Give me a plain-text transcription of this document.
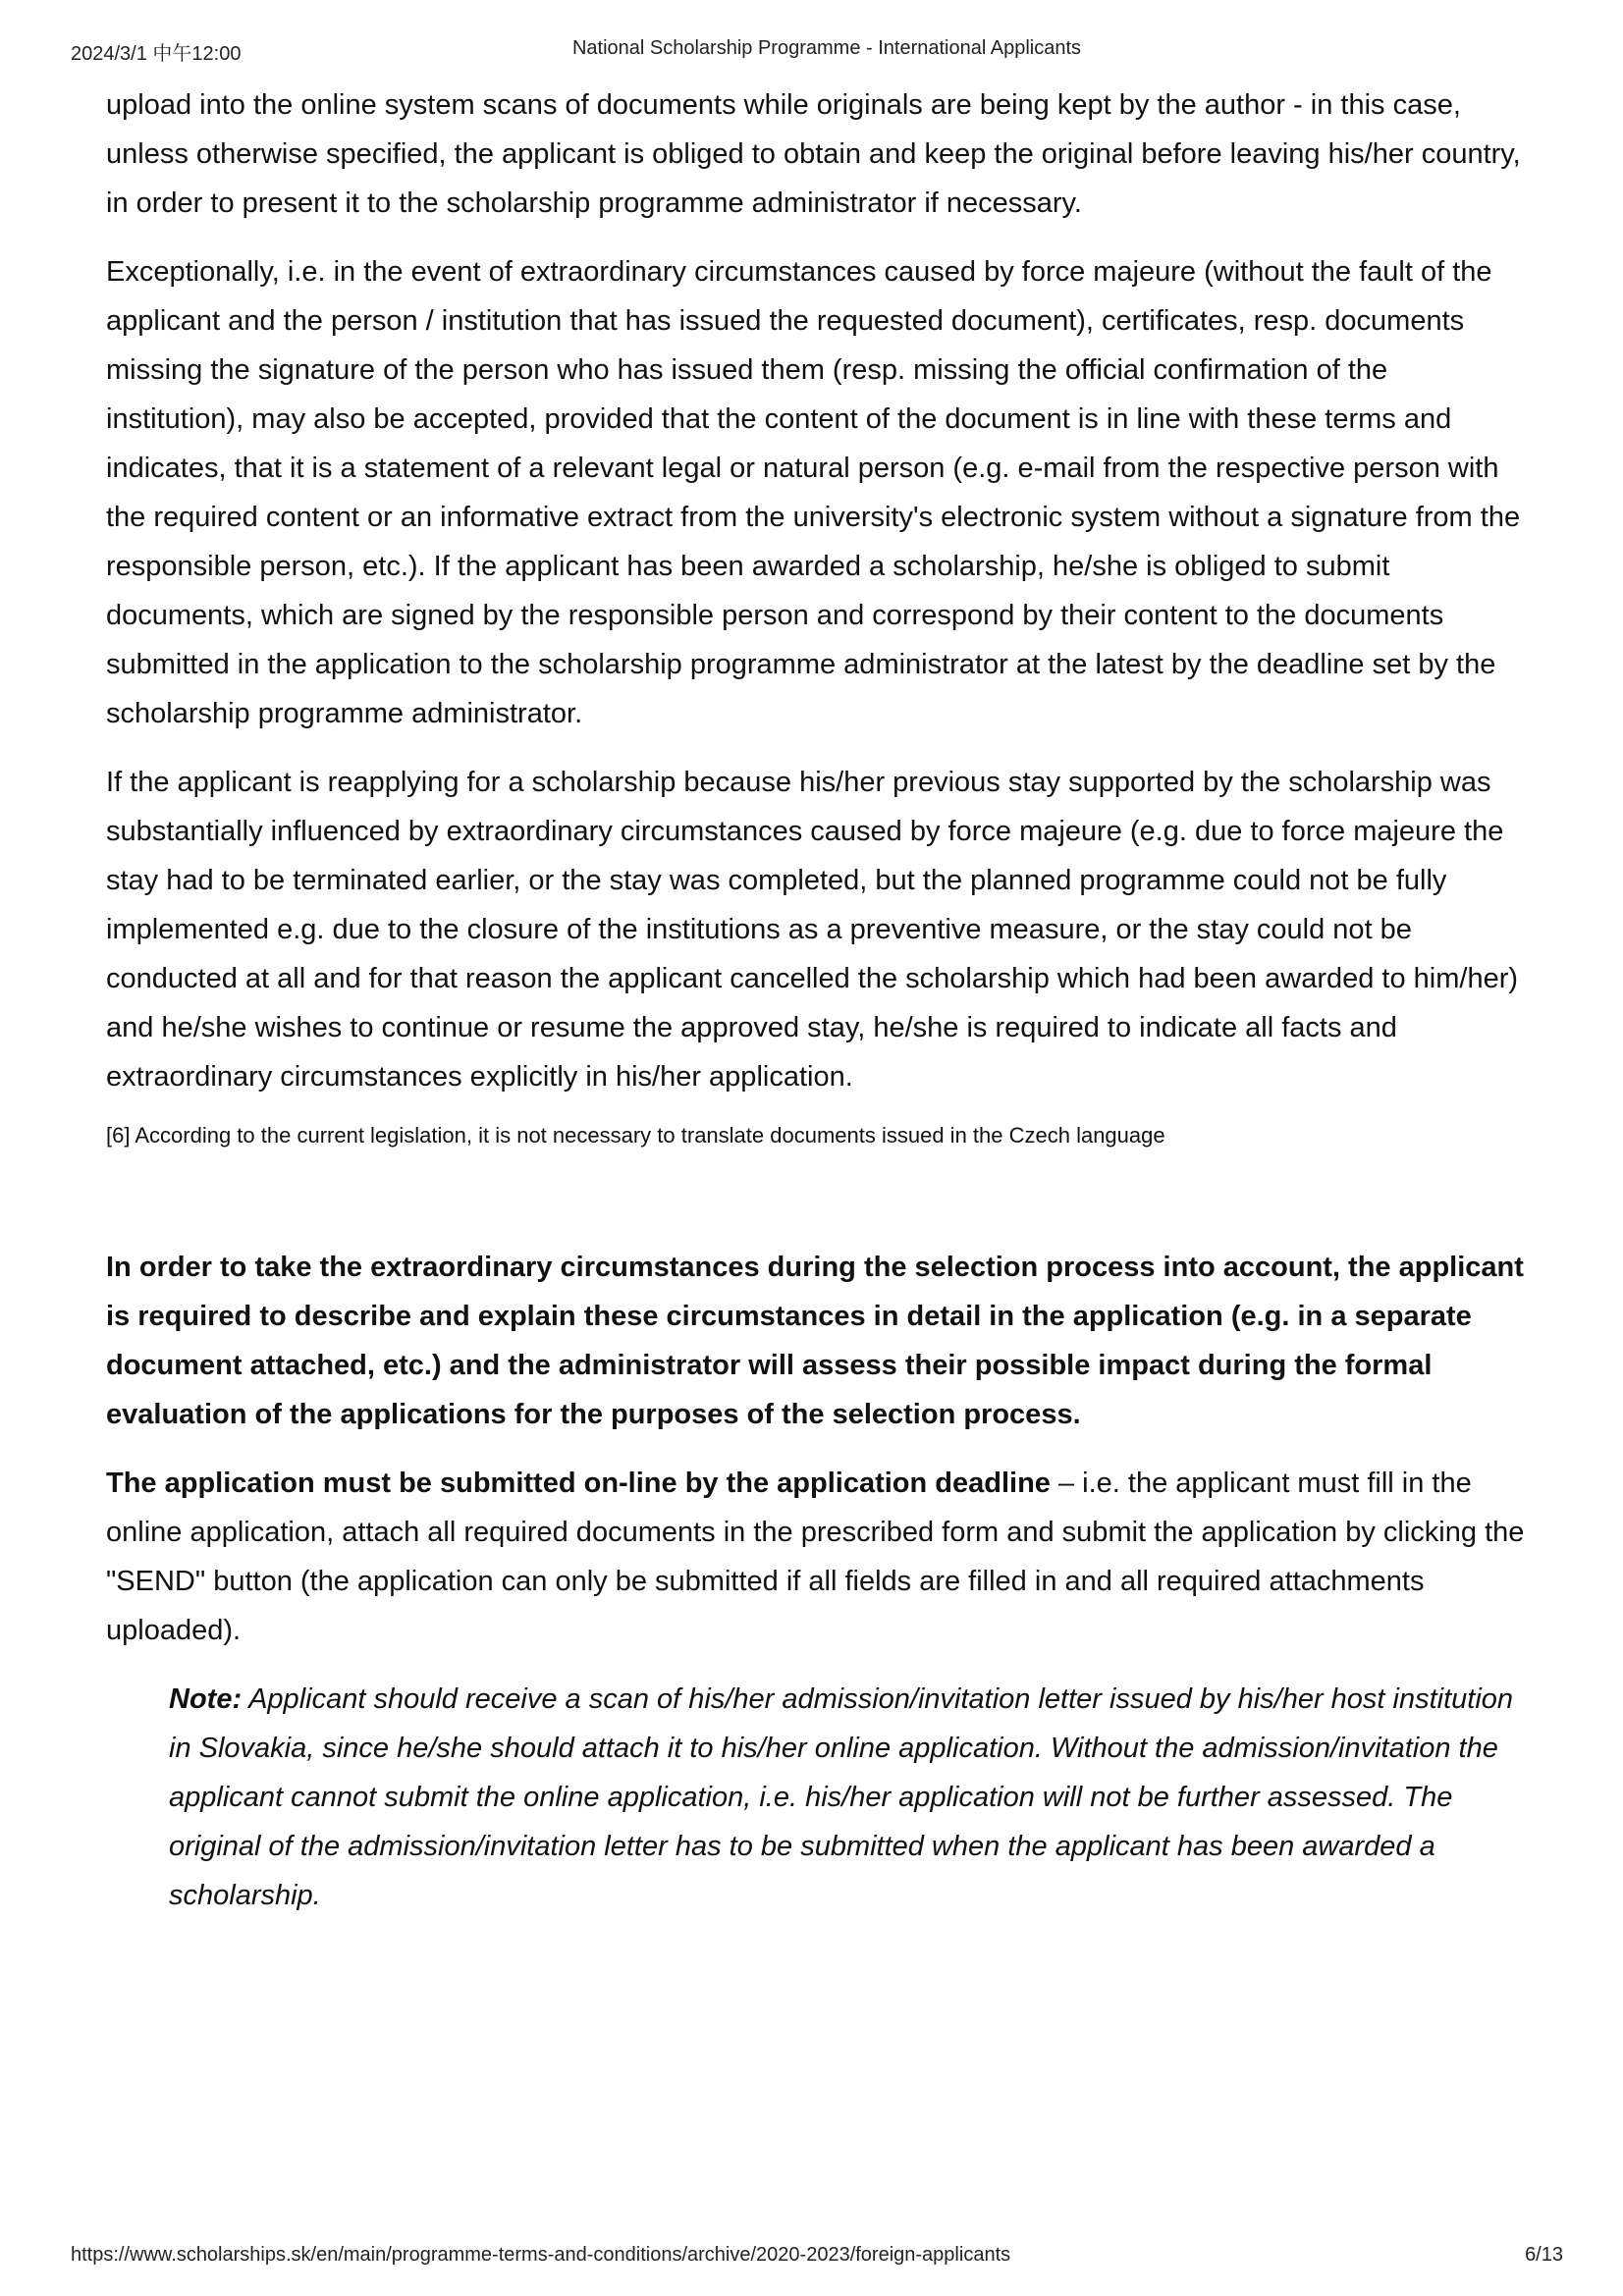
2024/3/1 中午12:00	National Scholarship Programme - International Applicants

upload into the online system scans of documents while originals are being kept by the author - in this case, unless otherwise specified, the applicant is obliged to obtain and keep the original before leaving his/her country, in order to present it to the scholarship programme administrator if necessary.

Exceptionally, i.e. in the event of extraordinary circumstances caused by force majeure (without the fault of the applicant and the person / institution that has issued the requested document), certificates, resp. documents missing the signature of the person who has issued them (resp. missing the official confirmation of the institution), may also be accepted, provided that the content of the document is in line with these terms and indicates, that it is a statement of a relevant legal or natural person (e.g. e-mail from the respective person with the required content or an informative extract from the university's electronic system without a signature from the responsible person, etc.). If the applicant has been awarded a scholarship, he/she is obliged to submit documents, which are signed by the responsible person and correspond by their content to the documents submitted in the application to the scholarship programme administrator at the latest by the deadline set by the scholarship programme administrator.

If the applicant is reapplying for a scholarship because his/her previous stay supported by the scholarship was substantially influenced by extraordinary circumstances caused by force majeure (e.g. due to force majeure the stay had to be terminated earlier, or the stay was completed, but the planned programme could not be fully implemented e.g. due to the closure of the institutions as a preventive measure, or the stay could not be conducted at all and for that reason the applicant cancelled the scholarship which had been awarded to him/her) and he/she wishes to continue or resume the approved stay, he/she is required to indicate all facts and extraordinary circumstances explicitly in his/her application.

[6] According to the current legislation, it is not necessary to translate documents issued in the Czech language

In order to take the extraordinary circumstances during the selection process into account, the applicant is required to describe and explain these circumstances in detail in the application (e.g. in a separate document attached, etc.) and the administrator will assess their possible impact during the formal evaluation of the applications for the purposes of the selection process.

The application must be submitted on-line by the application deadline – i.e. the applicant must fill in the online application, attach all required documents in the prescribed form and submit the application by clicking the "SEND" button (the application can only be submitted if all fields are filled in and all required attachments uploaded).

Note: Applicant should receive a scan of his/her admission/invitation letter issued by his/her host institution in Slovakia, since he/she should attach it to his/her online application. Without the admission/invitation the applicant cannot submit the online application, i.e. his/her application will not be further assessed. The original of the admission/invitation letter has to be submitted when the applicant has been awarded a scholarship.

https://www.scholarships.sk/en/main/programme-terms-and-conditions/archive/2020-2023/foreign-applicants	6/13
